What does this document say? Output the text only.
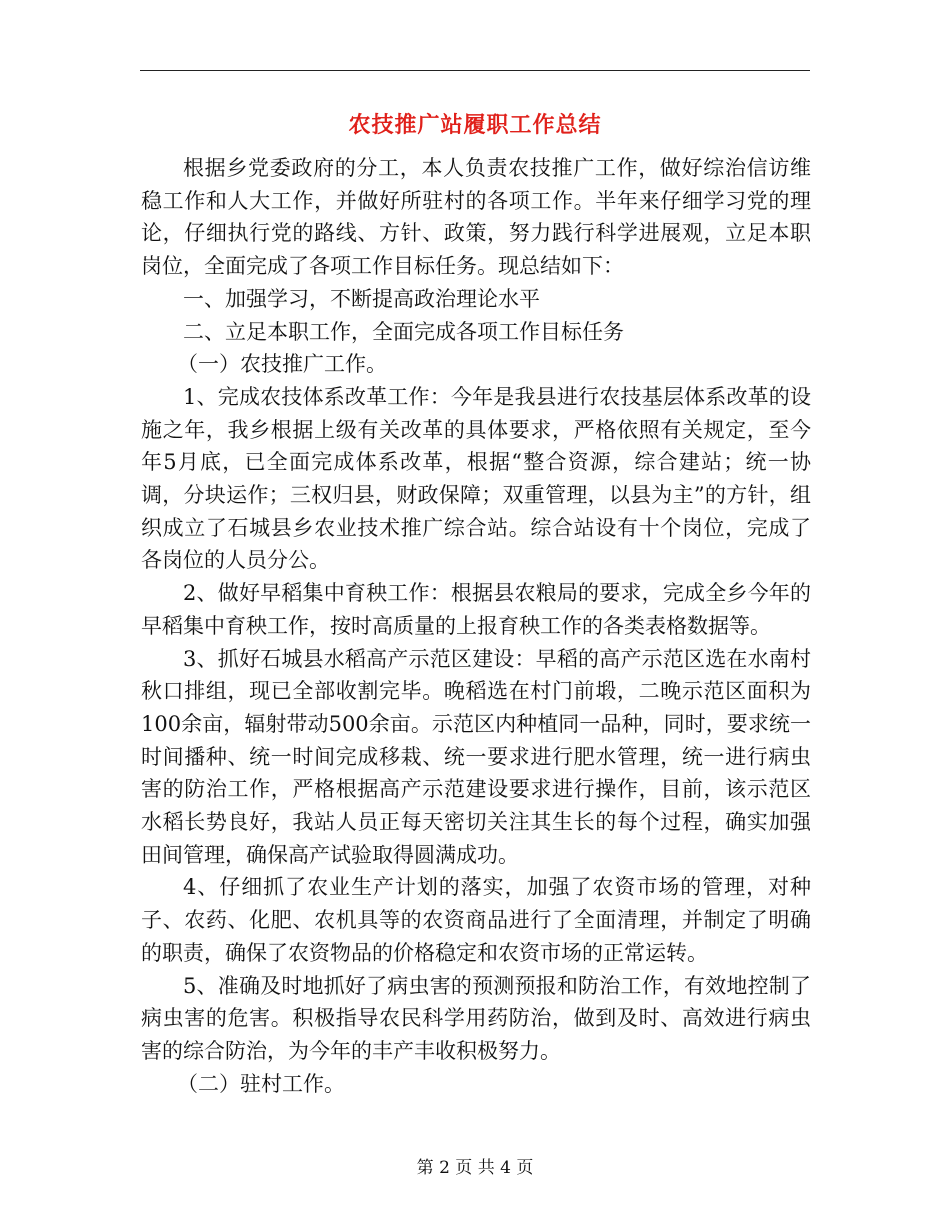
农技推广站履职工作总结

根据乡党委政府的分工，本人负责农技推广工作，做好综治信访维稳工作和人大工作，并做好所驻村的各项工作。半年来仔细学习党的理论，仔细执行党的路线、方针、政策，努力践行科学进展观，立足本职岗位，全面完成了各项工作目标任务。现总结如下：

一、加强学习，不断提高政治理论水平

二、立足本职工作，全面完成各项工作目标任务

（一）农技推广工作。

1、完成农技体系改革工作：今年是我县进行农技基层体系改革的设施之年，我乡根据上级有关改革的具体要求，严格依照有关规定，至今年5月底，已全面完成体系改革，根据“整合资源，综合建站；统一协调，分块运作；三权归县，财政保障；双重管理，以县为主”的方针，组织成立了石城县乡农业技术推广综合站。综合站设有十个岗位，完成了各岗位的人员分公。

2、做好早稻集中育秧工作：根据县农粮局的要求，完成全乡今年的早稻集中育秧工作，按时高质量的上报育秧工作的各类表格数据等。

3、抓好石城县水稻高产示范区建设：早稻的高产示范区选在水南村秋口排组，现已全部收割完毕。晚稻选在村门前塅，二晚示范区面积为100余亩，辐射带动500余亩。示范区内种植同一品种，同时，要求统一时间播种、统一时间完成移栽、统一要求进行肥水管理，统一进行病虫害的防治工作，严格根据高产示范建设要求进行操作，目前，该示范区水稻长势良好，我站人员正每天密切关注其生长的每个过程，确实加强田间管理，确保高产试验取得圆满成功。

4、仔细抓了农业生产计划的落实，加强了农资市场的管理，对种子、农药、化肥、农机具等的农资商品进行了全面清理，并制定了明确的职责，确保了农资物品的价格稳定和农资市场的正常运转。

5、准确及时地抓好了病虫害的预测预报和防治工作，有效地控制了病虫害的危害。积极指导农民科学用药防治，做到及时、高效进行病虫害的综合防治，为今年的丰产丰收积极努力。

（二）驻村工作。

第 2 页 共 4 页
